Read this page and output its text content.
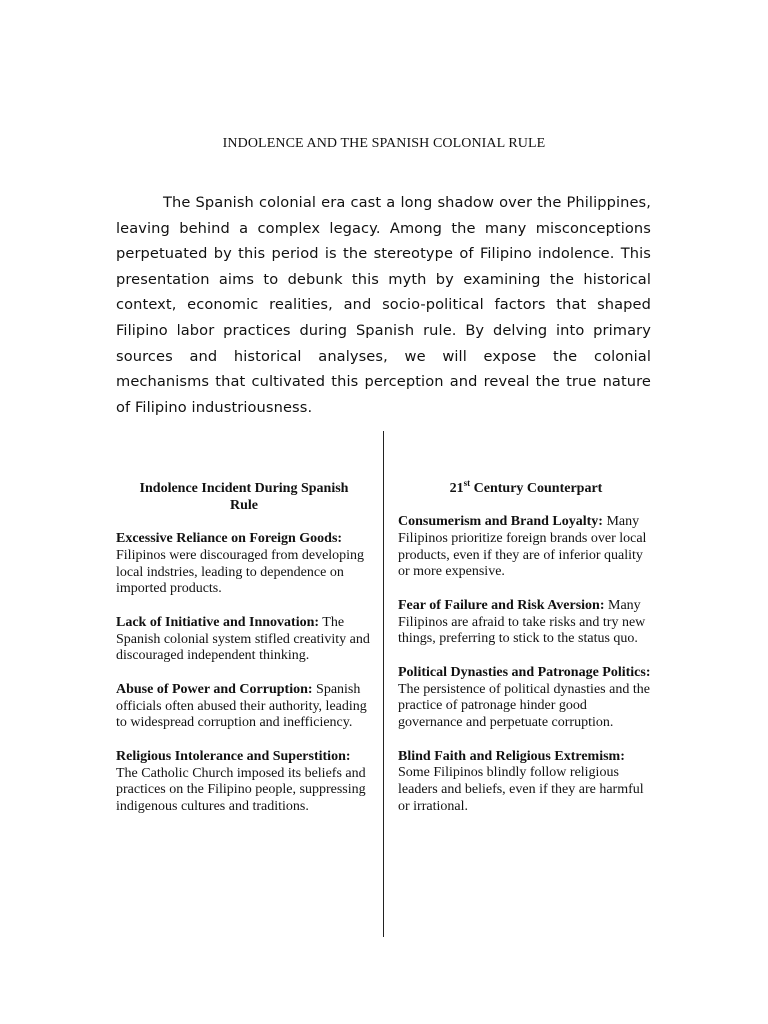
INDOLENCE AND THE SPANISH COLONIAL RULE

The Spanish colonial era cast a long shadow over the Philippines, leaving behind a complex legacy. Among the many misconceptions perpetuated by this period is the stereotype of Filipino indolence. This presentation aims to debunk this myth by examining the historical context, economic realities, and socio-political factors that shaped Filipino labor practices during Spanish rule. By delving into primary sources and historical analyses, we will expose the colonial mechanisms that cultivated this perception and reveal the true nature of Filipino industriousness.

Indolence Incident During Spanish Rule
Excessive Reliance on Foreign Goods: Filipinos were discouraged from developing local indstries, leading to dependence on imported products.
Lack of Initiative and Innovation: The Spanish colonial system stifled creativity and discouraged independent thinking.
Abuse of Power and Corruption: Spanish officials often abused their authority, leading to widespread corruption and inefficiency.
Religious Intolerance and Superstition: The Catholic Church imposed its beliefs and practices on the Filipino people, suppressing indigenous cultures and traditions.
21st Century Counterpart
Consumerism and Brand Loyalty: Many Filipinos prioritize foreign brands over local products, even if they are of inferior quality or more expensive.
Fear of Failure and Risk Aversion: Many Filipinos are afraid to take risks and try new things, preferring to stick to the status quo.
Political Dynasties and Patronage Politics: The persistence of political dynasties and the practice of patronage hinder good governance and perpetuate corruption.
Blind Faith and Religious Extremism: Some Filipinos blindly follow religious leaders and beliefs, even if they are harmful or irrational.
